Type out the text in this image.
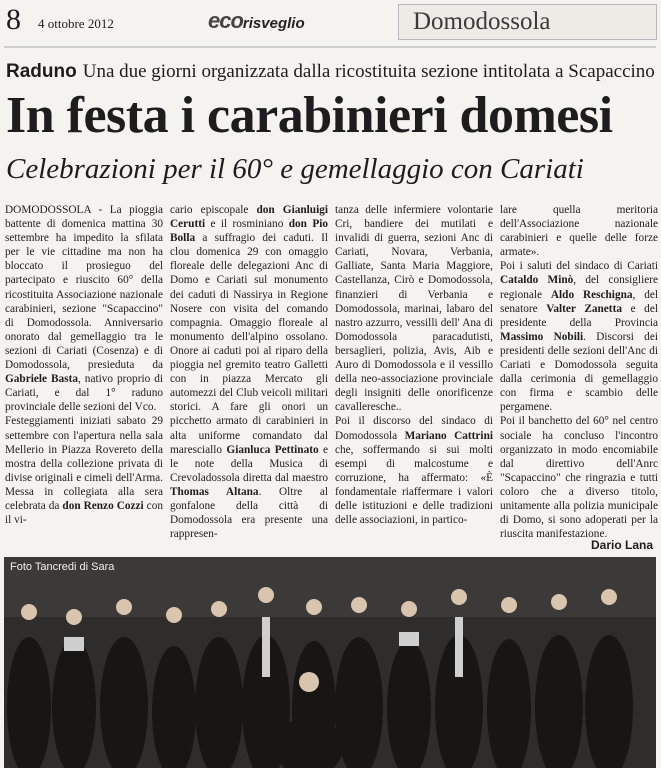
8 4 ottobre 2012	ecorisveglio	Domodossola
Raduno Una due giorni organizzata dalla ricostituita sezione intitolata a Scapaccino
In festa i carabinieri domesi
Celebrazioni per il 60° e gemellaggio con Cariati

DOMODOSSOLA - La pioggia battente di domenica mattina 30 settembre ha impedito la sfilata per le vie cittadine ma non ha bloccato il prosieguo del partecipato e riuscito 60° della ricostituita Associazione nazionale carabinieri, sezione "Scapaccino" di Domodossola. Anniversario onorato dal gemellaggio tra le sezioni di Cariati (Cosenza) e di Domodossola, presieduta da Gabriele Basta, nativo proprio di Cariati, e dal 1° raduno provinciale delle sezioni del Vco.

Festeggiamenti iniziati sabato 29 settembre con l'apertura nella sala Mellerio in Piazza Rovereto della mostra della collezione privata di divise originali e cimeli dell'Arma. Messa in collegiata alla sera celebrata da don Renzo Cozzi con il vi-

cario episcopale don Gianluigi Cerutti e il rosminiano don Pio Bolla a suffragio dei caduti. Il clou domenica 29 con omaggio floreale delle delegazioni Anc di Domo e Cariati sul monumento dei caduti di Nassirya in Regione Nosere con visita del comando compagnia. Omaggio floreale al monumento dell'alpino ossolano. Onore ai caduti poi al riparo della pioggia nel gremito teatro Galletti con in piazza Mercato gli automezzi del Club veicoli militari storici. A fare gli onori un picchetto armato di carabinieri in alta uniforme comandato dal maresciallo Gianluca Pettinato e le note della Musica di Crevoladossola diretta dal maestro Thomas Altana. Oltre al gonfalone della città di Domodossola era presente una rappresen-

tanza delle infermiere volontarie Cri, bandiere dei mutilati e invalidi di guerra, sezioni Anc di Cariati, Novara, Verbania, Galliate, Santa Maria Maggiore, Castellanza, Cirò e Domodossola, finanzieri di Verbania e Domodossola, marinai, labaro del nastro azzurro, vessilli dell' Ana di Domodossola paracadutisti, bersaglieri, polizia, Avis, Aib e Auro di Domodossola e il vessillo della neo-associazione provinciale degli insigniti delle onorificenze cavalleresche..

Poi il discorso del sindaco di Domodossola Mariano Cattrini che, soffermando si sui molti esempi di malcostume e corruzione, ha affermato: «È fondamentale riaffermare i valori delle istituzioni e delle tradizioni delle associazioni, in partico-

lare quella meritoria dell'Associazione nazionale carabinieri e quelle delle forze armate».

Poi i saluti del sindaco di Cariati Cataldo Minò, del consigliere regionale Aldo Reschigna, del senatore Valter Zanetta e del presidente della Provincia Massimo Nobili. Discorsi dei presidenti delle sezioni dell'Anc di Cariati e Domodossola seguita dalla cerimonia di gemellaggio con firma e scambio delle pergamene.

Poi il banchetto del 60° nel centro sociale ha concluso l'incontro organizzato in modo encomiabile dal direttivo dell'Anrc "Scapaccino" che ringrazia e tutti coloro che a diverso titolo, unitamente alla polizia municipale di Domo, si sono adoperati per la riuscita manifestazione.

Dario Lana
Foto Tancredi di Sara
